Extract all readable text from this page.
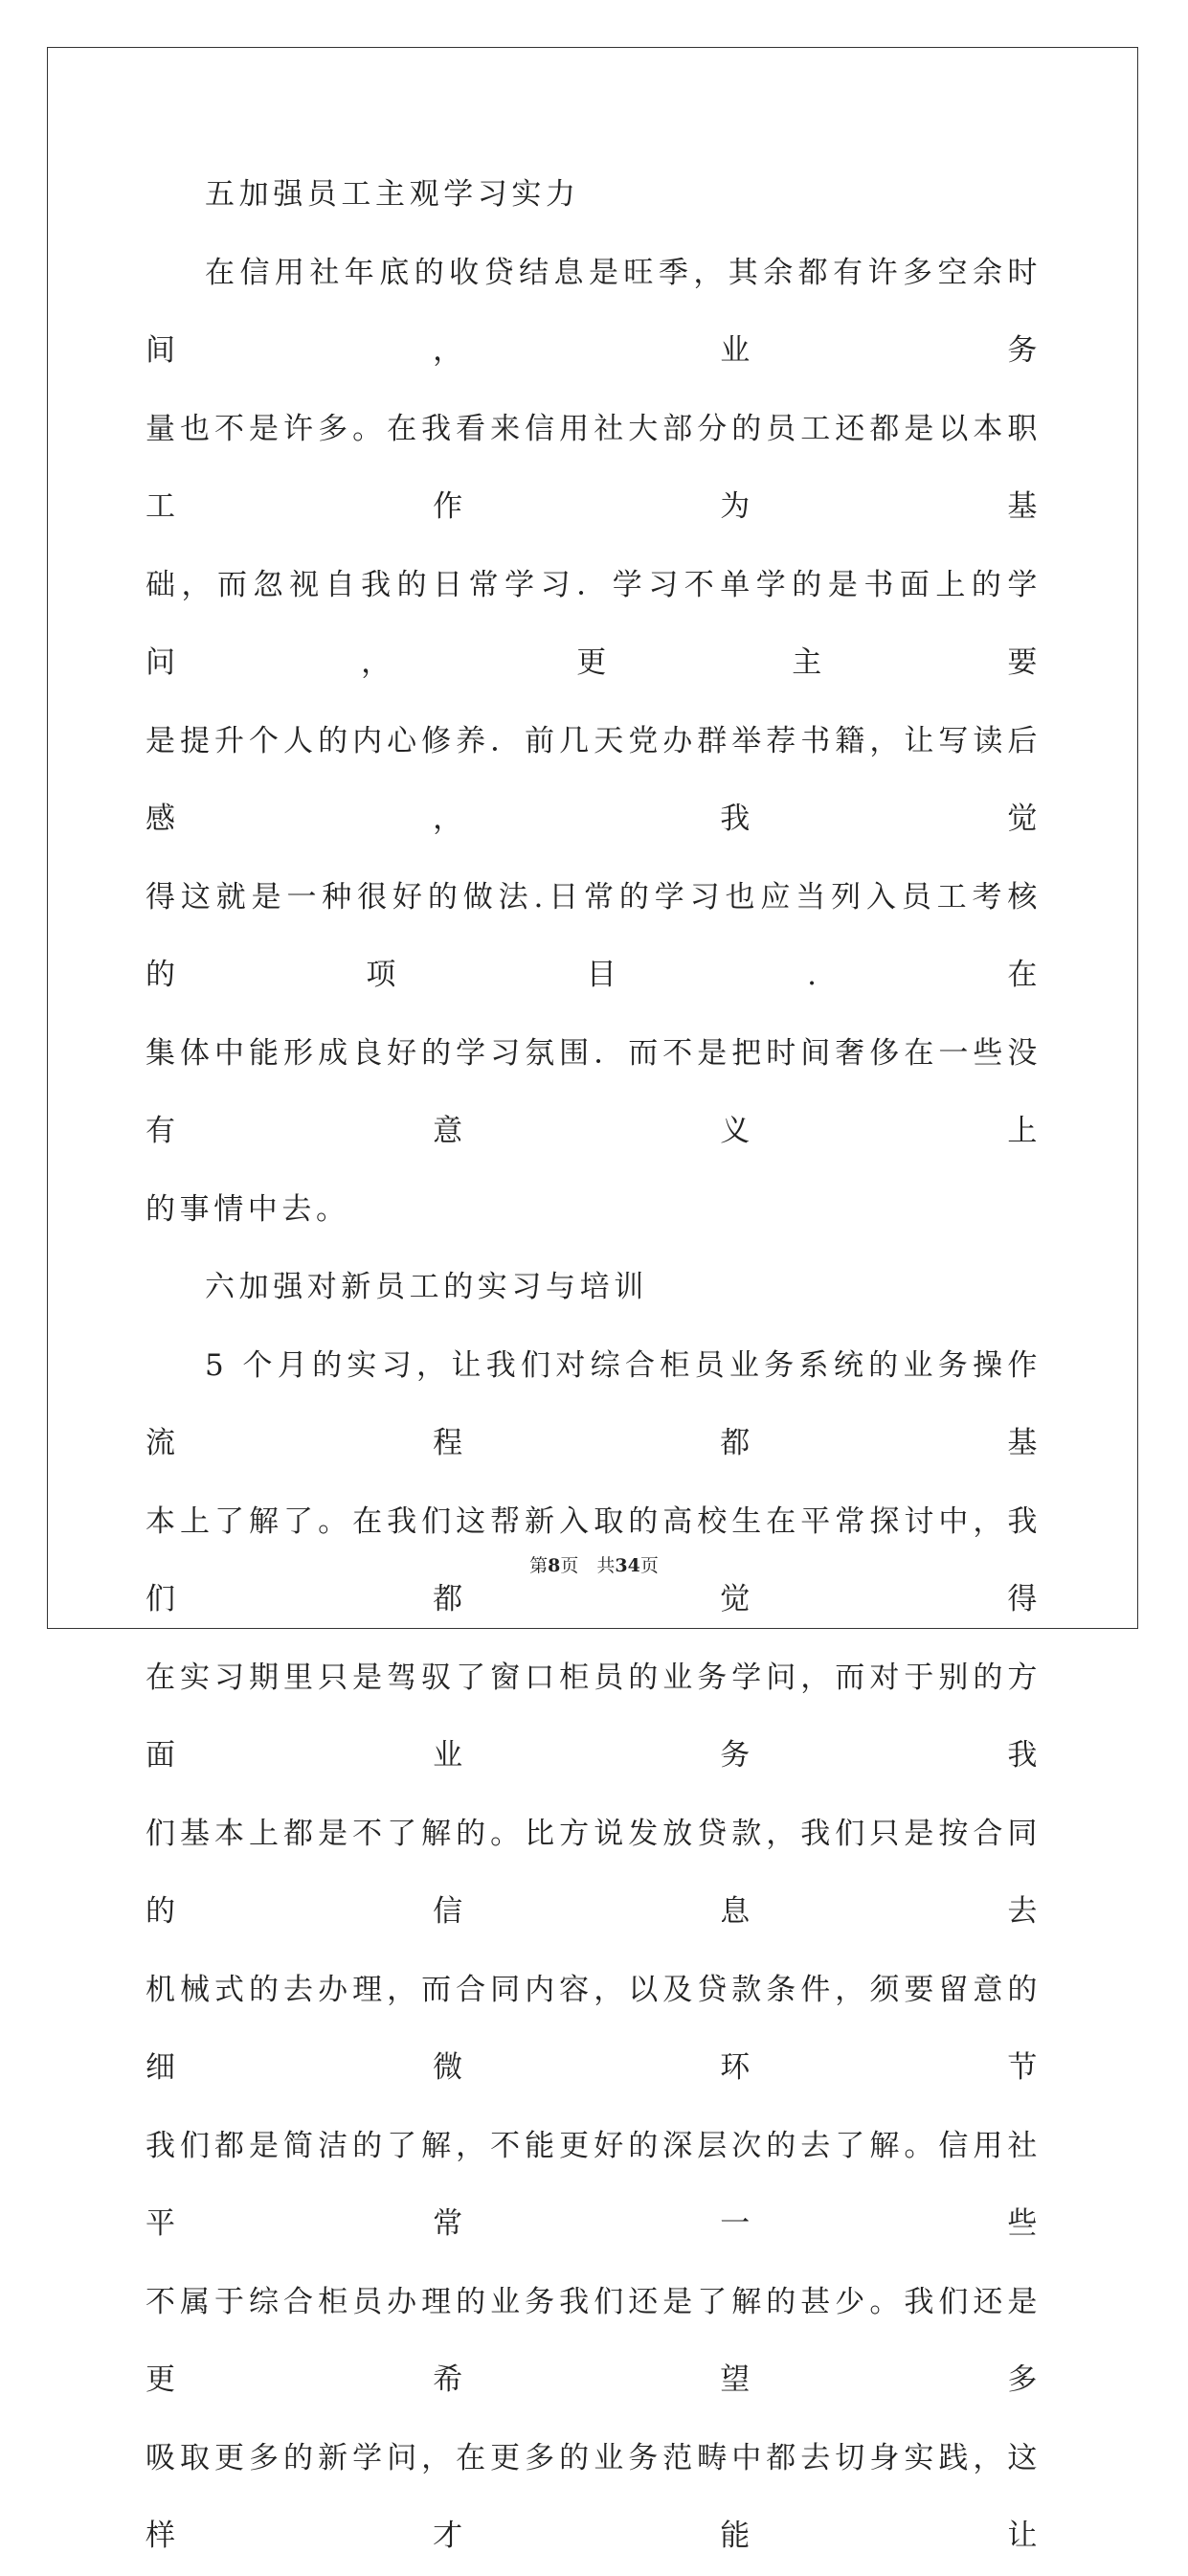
五加强员工主观学习实力

在信用社年底的收贷结息是旺季，其余都有许多空余时间，业务
量也不是许多。在我看来信用社大部分的员工还都是以本职工作为基
础，而忽视自我的日常学习．学习不单学的是书面上的学问，更主要
是提升个人的内心修养．前几天党办群举荐书籍，让写读后感，我觉
得这就是一种很好的做法.日常的学习也应当列入员工考核的项目.在
集体中能形成良好的学习氛围．而不是把时间奢侈在一些没有意义上
的事情中去。

六加强对新员工的实习与培训

5 个月的实习，让我们对综合柜员业务系统的业务操作流程都基
本上了解了。在我们这帮新入取的高校生在平常探讨中，我们都觉得
在实习期里只是驾驭了窗口柜员的业务学问，而对于别的方面业务我
们基本上都是不了解的。比方说发放贷款，我们只是按合同的信息去
机械式的去办理，而合同内容，以及贷款条件，须要留意的细微环节
我们都是简洁的了解，不能更好的深层次的去了解。信用社平常一些
不属于综合柜员办理的业务我们还是了解的甚少。我们还是更希望多
吸取更多的新学问，在更多的业务范畴中都去切身实践，这样才能让
第8页　共34页
